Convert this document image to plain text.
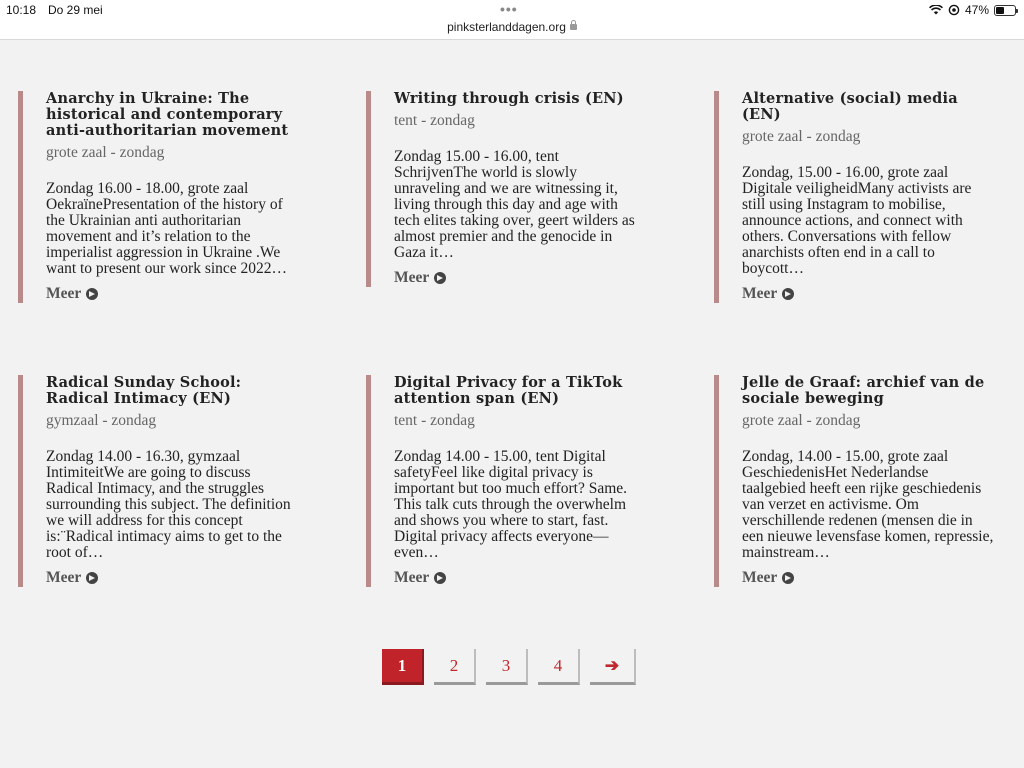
10:18 Do 29 mei	•••
pinksterlanddagen.org
47%
Anarchy in Ukraine: The historical and contemporary anti-authoritarian movement
grote zaal - zondag
Zondag 16.00 - 18.00, grote zaal OekraïnePresentation of the history of the Ukrainian anti authoritarian movement and it’s relation to the imperialist aggression in Ukraine .We want to present our work since 2022…
Meer
Writing through crisis (EN)
tent - zondag
Zondag 15.00 - 16.00, tent SchrijvenThe world is slowly unraveling and we are witnessing it, living through this day and age with tech elites taking over, geert wilders as almost premier and the genocide in Gaza it…
Meer
Alternative (social) media (EN)
grote zaal - zondag
Zondag, 15.00 - 16.00, grote zaal Digitale veiligheidMany activists are still using Instagram to mobilise, announce actions, and connect with others. Conversations with fellow anarchists often end in a call to boycott…
Meer
Radical Sunday School: Radical Intimacy (EN)
gymzaal - zondag
Zondag 14.00 - 16.30, gymzaal IntimiteitWe are going to discuss Radical Intimacy, and the struggles surrounding this subject. The definition we will address for this concept is:¨Radical intimacy aims to get to the root of…
Meer
Digital Privacy for a TikTok attention span (EN)
tent - zondag
Zondag 14.00 - 15.00, tent Digital safetyFeel like digital privacy is important but too much effort? Same. This talk cuts through the overwhelm and shows you where to start, fast. Digital privacy affects everyone—even…
Meer
Jelle de Graaf: archief van de sociale beweging
grote zaal - zondag
Zondag, 14.00 - 15.00, grote zaal GeschiedenisHet Nederlandse taalgebied heeft een rijke geschiedenis van verzet en activisme. Om verschillende redenen (mensen die in een nieuwe levensfase komen, repressie, mainstream…
Meer
1	2	3	4	➔
